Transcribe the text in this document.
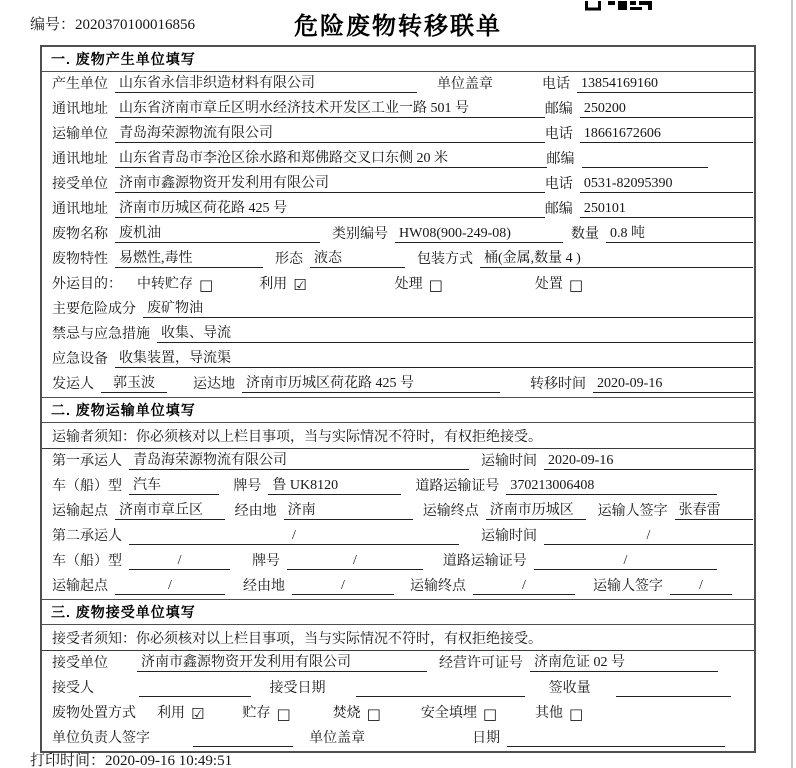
编号：2020370100016856	危险废物转移联单
一. 废物产生单位填写
产生单位 山东省永信非织造材料有限公司	单位盖章	电话 13854169160
通讯地址 山东省济南市章丘区明水经济技术开发区工业一路 501 号	邮编 250200
运输单位 青岛海荣源物流有限公司	电话 18661672606
通讯地址 山东省青岛市李沧区徐水路和郑佛路交叉口东侧 20 米	邮编
接受单位 济南市鑫源物资开发利用有限公司	电话 0531-82095390
通讯地址 济南市历城区荷花路 425 号	邮编 250101
废物名称 废机油	类别编号 HW08(900-249-08)	数量 0.8 吨
废物特性 易燃性,毒性	形态 液态	包装方式 桶(金属,数量 4 )
外运目的：	中转贮存 □	利用 ☑	处理 □	处置 □
主要危险成分 废矿物油
禁忌与应急措施 收集、导流
应急设备 收集装置，导流渠
发运人	郭玉波	运达地 济南市历城区荷花路 425 号	转移时间 2020-09-16
二. 废物运输单位填写
运输者须知：你必须核对以上栏目事项，当与实际情况不符时，有权拒绝接受。
第一承运人 青岛海荣源物流有限公司	运输时间 2020-09-16
车（船）型 汽车	牌号 鲁 UK8120	道路运输证号 370213006408
运输起点 济南市章丘区	经由地 济南	运输终点 济南市历城区	运输人签字 张春雷
第二承运人	/	运输时间	/
车（船）型	/	牌号	/	道路运输证号	/
运输起点	/	经由地	/	运输终点	/	运输人签字	/
三. 废物接受单位填写
接受者须知：你必须核对以上栏目事项，当与实际情况不符时，有权拒绝接受。
接受单位	济南市鑫源物资开发利用有限公司	经营许可证号 济南危证 02 号
接受人	接受日期	签收量
废物处置方式	利用 ☑	贮存 □	焚烧 □	安全填埋 □	其他 □
单位负责人签字	单位盖章	日期
打印时间：2020-09-16 10:49:51
